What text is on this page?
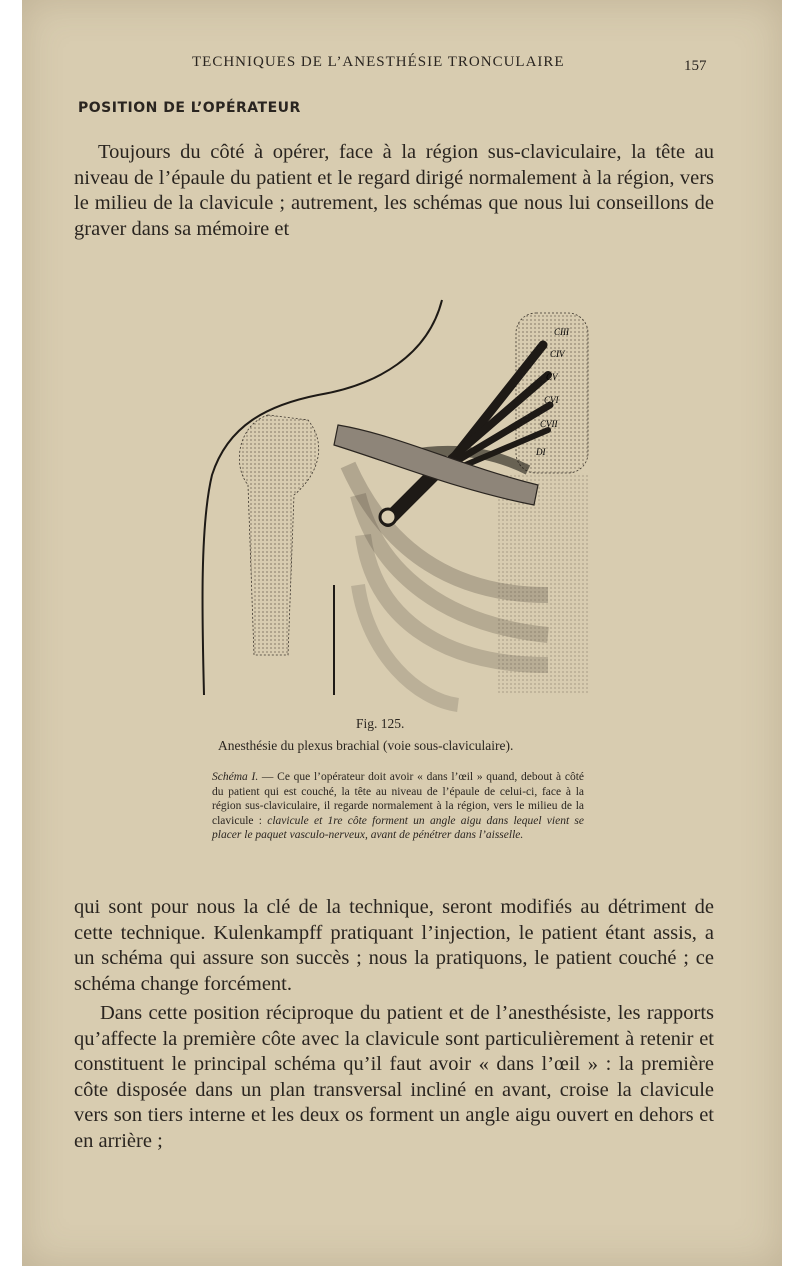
TECHNIQUES DE L’ANESTHÉSIE TRONCULAIRE	157
POSITION DE L’OPÉRATEUR

Toujours du côté à opérer, face à la région sus-claviculaire, la tête au niveau de l’épaule du patient et le regard dirigé normalement à la région, vers le milieu de la clavicule ; autrement, les schémas que nous lui conseillons de graver dans sa mémoire et

CIII
CIV
CV
CVI
CVII
DI
Fig. 125.
Anesthésie du plexus brachial (voie sous-claviculaire).

Schéma I. — Ce que l’opérateur doit avoir « dans l’œil » quand, debout à côté du patient qui est couché, la tête au niveau de l’épaule de celui-ci, face à la région sus-claviculaire, il regarde normalement à la région, vers le milieu de la clavicule : clavicule et 1re côte forment un angle aigu dans lequel vient se placer le paquet vasculo-nerveux, avant de pénétrer dans l’aisselle.

qui sont pour nous la clé de la technique, seront modifiés au détriment de cette technique. Kulenkampff pratiquant l’injection, le patient étant assis, a un schéma qui assure son succès ; nous la pratiquons, le patient couché ; ce schéma change forcément.

Dans cette position réciproque du patient et de l’anesthésiste, les rapports qu’affecte la première côte avec la clavicule sont particulièrement à retenir et constituent le principal schéma qu’il faut avoir « dans l’œil » : la première côte disposée dans un plan transversal incliné en avant, croise la clavicule vers son tiers interne et les deux os forment un angle aigu ouvert en dehors et en arrière ;
